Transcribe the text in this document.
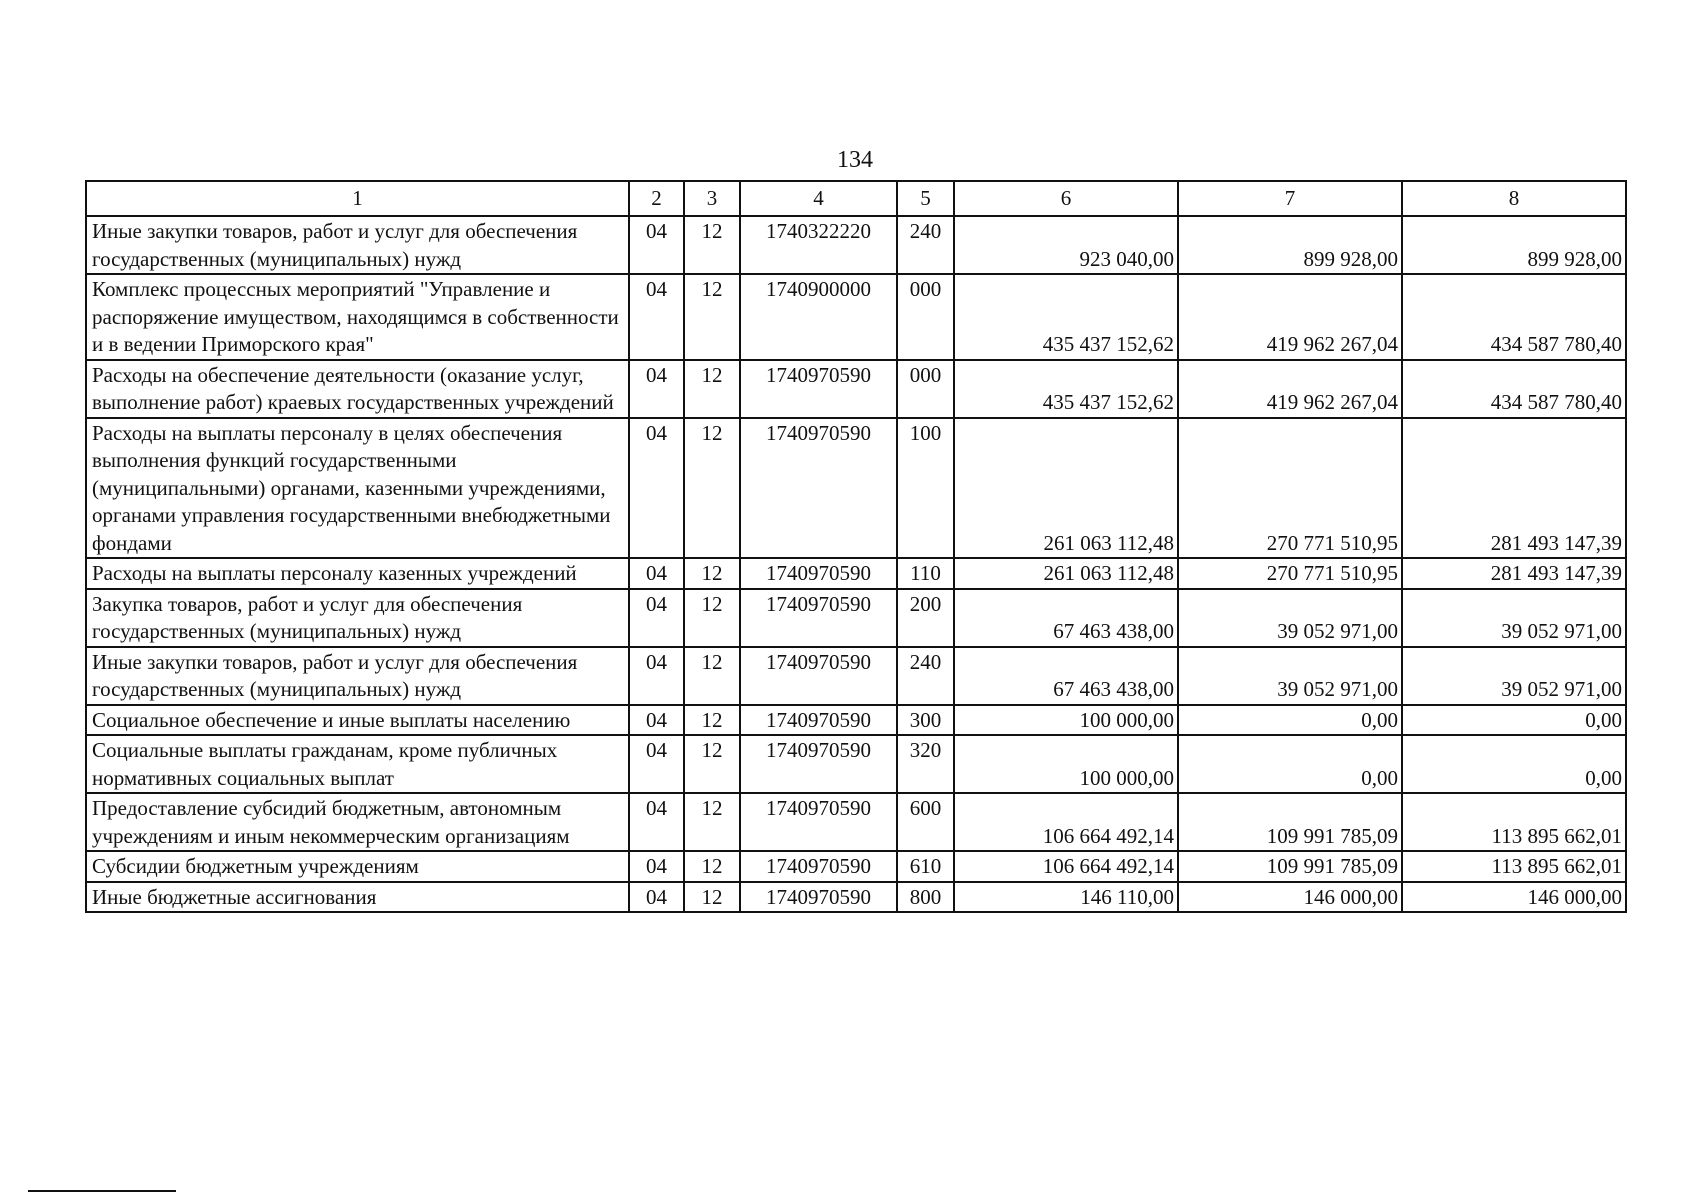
134
1	2	3	4	5	6	7	8
Иные закупки товаров, работ и услуг для обеспечения государственных (муниципальных) нужд	04	12	1740322220	240	923 040,00	899 928,00	899 928,00
Комплекс процессных мероприятий "Управление и распоряжение имуществом, находящимся в собственности и в ведении Приморского края"	04	12	1740900000	000	435 437 152,62	419 962 267,04	434 587 780,40
Расходы на обеспечение деятельности (оказание услуг, выполнение работ) краевых государственных учреждений	04	12	1740970590	000	435 437 152,62	419 962 267,04	434 587 780,40
Расходы на выплаты персоналу в целях обеспечения выполнения функций государственными (муниципальными) органами, казенными учреждениями, органами управления государственными внебюджетными фондами	04	12	1740970590	100	261 063 112,48	270 771 510,95	281 493 147,39
Расходы на выплаты персоналу казенных учреждений	04	12	1740970590	110	261 063 112,48	270 771 510,95	281 493 147,39
Закупка товаров, работ и услуг для обеспечения государственных (муниципальных) нужд	04	12	1740970590	200	67 463 438,00	39 052 971,00	39 052 971,00
Иные закупки товаров, работ и услуг для обеспечения государственных (муниципальных) нужд	04	12	1740970590	240	67 463 438,00	39 052 971,00	39 052 971,00
Социальное обеспечение и иные выплаты населению	04	12	1740970590	300	100 000,00	0,00	0,00
Социальные выплаты гражданам, кроме публичных нормативных социальных выплат	04	12	1740970590	320	100 000,00	0,00	0,00
Предоставление субсидий бюджетным, автономным учреждениям и иным некоммерческим организациям	04	12	1740970590	600	106 664 492,14	109 991 785,09	113 895 662,01
Субсидии бюджетным учреждениям	04	12	1740970590	610	106 664 492,14	109 991 785,09	113 895 662,01
Иные бюджетные ассигнования	04	12	1740970590	800	146 110,00	146 000,00	146 000,00
